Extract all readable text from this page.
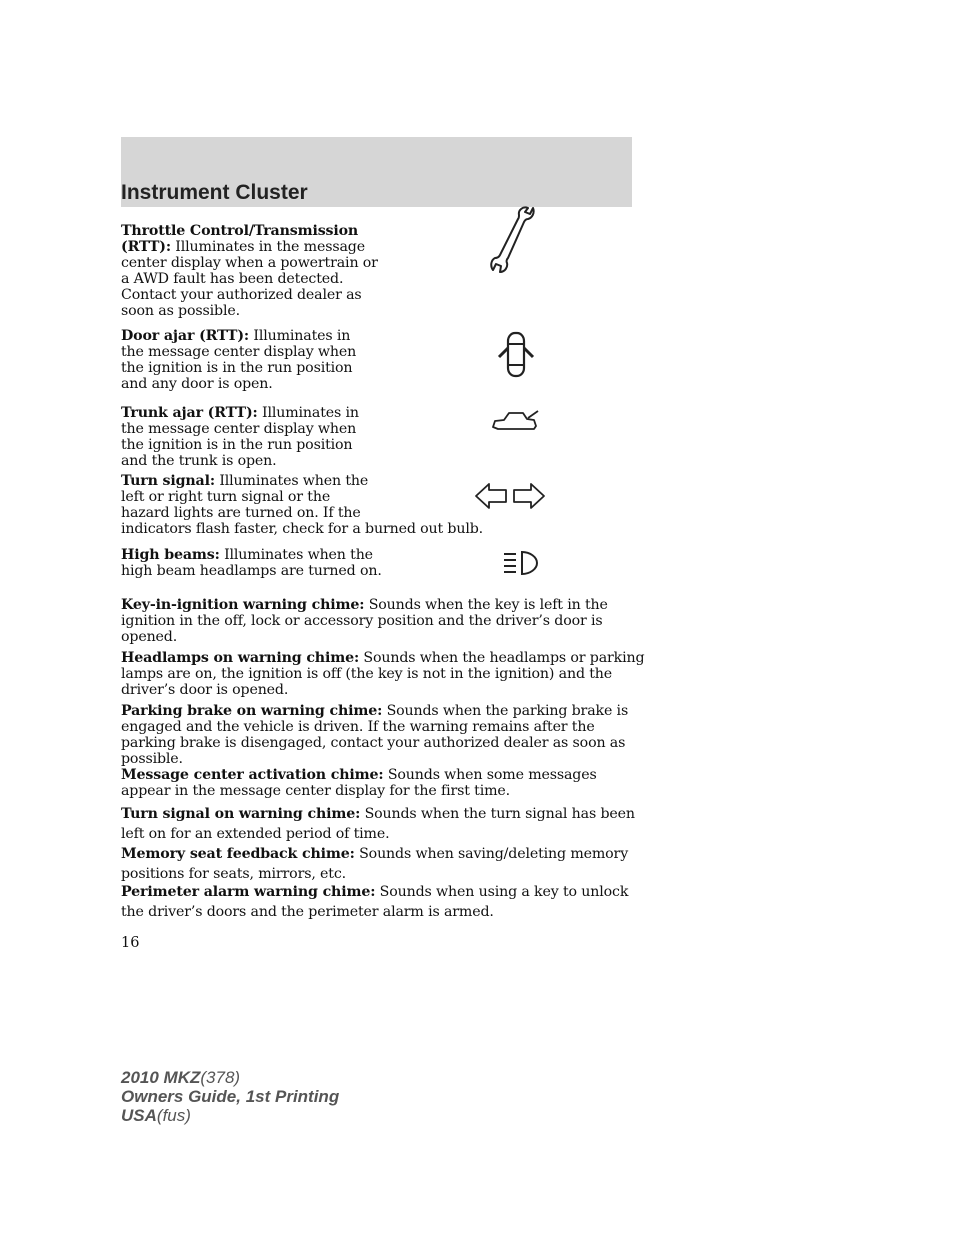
Instrument Cluster
Throttle Control/Transmission
(RTT): Illuminates in the message
center display when a powertrain or
a AWD fault has been detected.
Contact your authorized dealer as
soon as possible.
Door ajar (RTT): Illuminates in
the message center display when
the ignition is in the run position
and any door is open.
Trunk ajar (RTT): Illuminates in
the message center display when
the ignition is in the run position
and the trunk is open.
Turn signal: Illuminates when the
left or right turn signal or the
hazard lights are turned on. If the
indicators flash faster, check for a burned out bulb.
High beams: Illuminates when the
high beam headlamps are turned on.
Key-in-ignition warning chime: Sounds when the key is left in the
ignition in the off, lock or accessory position and the driver’s door is
opened.
Headlamps on warning chime: Sounds when the headlamps or parking
lamps are on, the ignition is off (the key is not in the ignition) and the
driver’s door is opened.
Parking brake on warning chime: Sounds when the parking brake is
engaged and the vehicle is driven. If the warning remains after the
parking brake is disengaged, contact your authorized dealer as soon as
possible.
Message center activation chime: Sounds when some messages
appear in the message center display for the first time.
Turn signal on warning chime: Sounds when the turn signal has been
left on for an extended period of time.
Memory seat feedback chime: Sounds when saving/deleting memory
positions for seats, mirrors, etc.
Perimeter alarm warning chime: Sounds when using a key to unlock
the driver’s doors and the perimeter alarm is armed.
16
2010 MKZ(378)
Owners Guide, 1st Printing
USA(fus)
